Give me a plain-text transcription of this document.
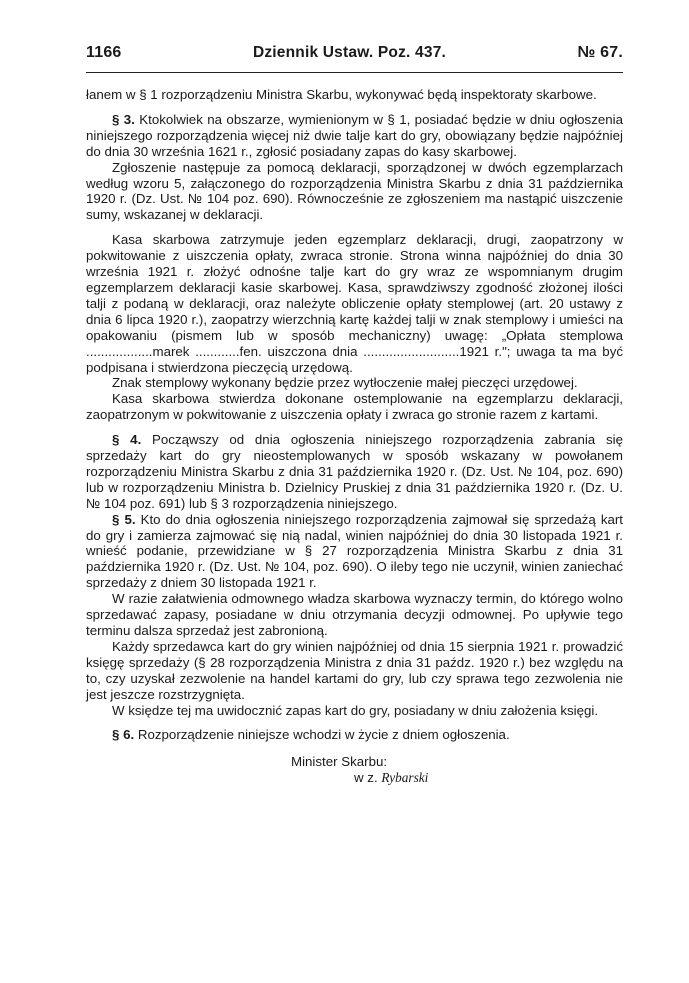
1166	Dziennik Ustaw. Poz. 437.	№ 67.

łanem w § 1 rozporządzeniu Ministra Skarbu, wykonywać będą inspektoraty skarbowe.

§ 3. Ktokolwiek na obszarze, wymienionym w § 1, posiadać będzie w dniu ogłoszenia niniejszego rozporządzenia więcej niż dwie talje kart do gry, obowiązany będzie najpóźniej do dnia 30 września 1621 r., zgłosić posiadany zapas do kasy skarbowej.

Zgłoszenie następuje za pomocą deklaracji, sporządzonej w dwóch egzemplarzach według wzoru 5, załączonego do rozporządzenia Ministra Skarbu z dnia 31 października 1920 r. (Dz. Ust. № 104 poz. 690). Równocześnie ze zgłoszeniem ma nastąpić uiszczenie sumy, wskazanej w deklaracji.

Kasa skarbowa zatrzymuje jeden egzemplarz deklaracji, drugi, zaopatrzony w pokwitowanie z uiszczenia opłaty, zwraca stronie. Strona winna najpóźniej do dnia 30 września 1921 r. złożyć odnośne talje kart do gry wraz ze wspomnianym drugim egzemplarzem deklaracji kasie skarbowej. Kasa, sprawdziwszy zgodność złożonej ilości talji z podaną w deklaracji, oraz należyte obliczenie opłaty stemplowej (art. 20 ustawy z dnia 6 lipca 1920 r.), zaopatrzy wierzchnią kartę każdej talji w znak stemplowy i umieści na opakowaniu (pismem lub w sposób mechaniczny) uwagę: „Opłata stemplowa ..................marek ............fen. uiszczona dnia ..........................1921 r."; uwaga ta ma być podpisana i stwierdzona pieczęcią urzędową.

Znak stemplowy wykonany będzie przez wytłoczenie małej pieczęci urzędowej.

Kasa skarbowa stwierdza dokonane ostemplowanie na egzemplarzu deklaracji, zaopatrzonym w pokwitowanie z uiszczenia opłaty i zwraca go stronie razem z kartami.

§ 4. Począwszy od dnia ogłoszenia niniejszego rozporządzenia zabrania się sprzedaży kart do gry nieostemplowanych w sposób wskazany w powołanem rozporządzeniu Ministra Skarbu z dnia 31 października 1920 r. (Dz. Ust. № 104, poz. 690) lub w rozporządzeniu Ministra b. Dzielnicy Pruskiej z dnia 31 października 1920 r. (Dz. U. № 104 poz. 691) lub § 3 rozporządzenia niniejszego.

§ 5. Kto do dnia ogłoszenia niniejszego rozporządzenia zajmował się sprzedażą kart do gry i zamierza zajmować się nią nadal, winien najpóźniej do dnia 30 listopada 1921 r. wnieść podanie, przewidziane w § 27 rozporządzenia Ministra Skarbu z dnia 31 października 1920 r. (Dz. Ust. № 104, poz. 690). O ileby tego nie uczynił, winien zaniechać sprzedaży z dniem 30 listopada 1921 r.

W razie załatwienia odmownego władza skarbowa wyznaczy termin, do którego wolno sprzedawać zapasy, posiadane w dniu otrzymania decyzji odmownej. Po upływie tego terminu dalsza sprzedaż jest zabronioną.

Każdy sprzedawca kart do gry winien najpóźniej od dnia 15 sierpnia 1921 r. prowadzić księgę sprzedaży (§ 28 rozporządzenia Ministra z dnia 31 paźdz. 1920 r.) bez względu na to, czy uzyskał zezwolenie na handel kartami do gry, lub czy sprawa tego zezwolenia nie jest jeszcze rozstrzygnięta.

W księdze tej ma uwidocznić zapas kart do gry, posiadany w dniu założenia księgi.

§ 6. Rozporządzenie niniejsze wchodzi w życie z dniem ogłoszenia.

Minister Skarbu:
w z. Rybarski
